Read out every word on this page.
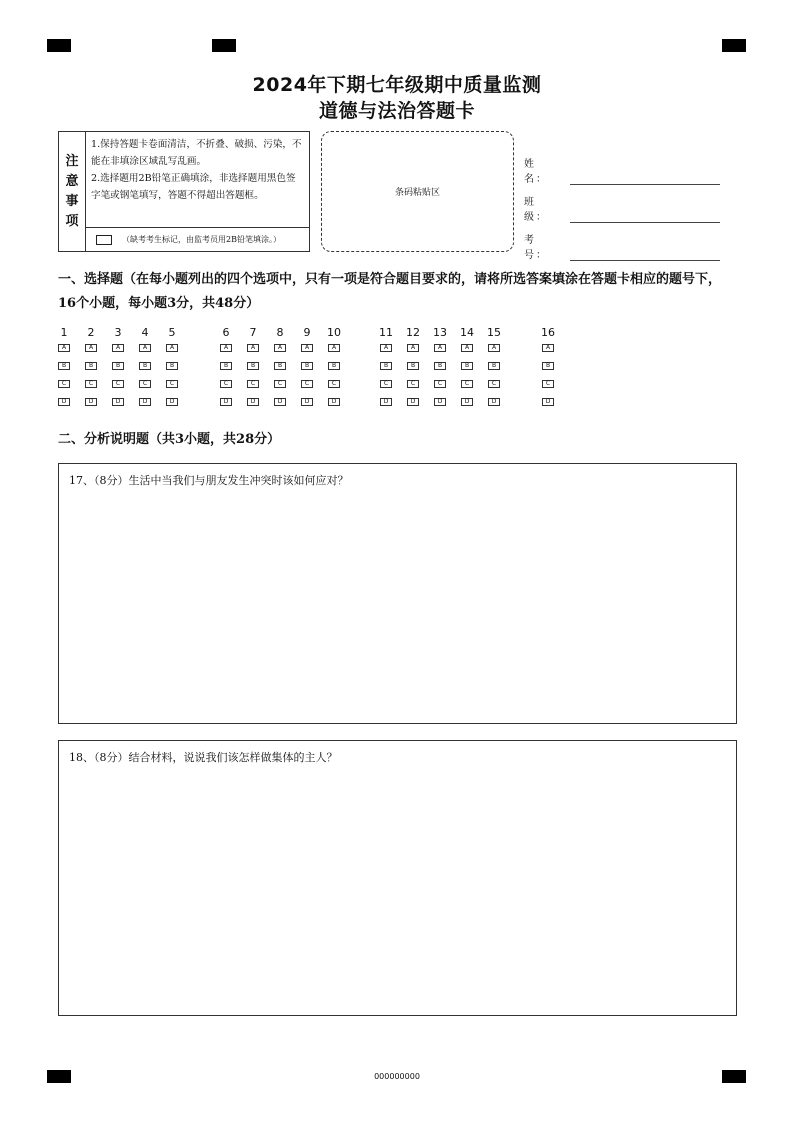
2024年下期七年级期中质量监测
道德与法治答题卡
注意事项

1.保持答题卡卷面清洁，不折叠、破损、污染，不能在非填涂区域乱写乱画。

2.选择题用2B铅笔正确填涂，非选择题用黑色签字笔或钢笔填写，答题不得超出答题框。

（缺考考生标记，由监考员用2B铅笔填涂。）
条码粘贴区
姓　名：
班　级：
考　号：
一、选择题（在每小题列出的四个选项中，只有一项是符合题目要求的，请将所选答案填涂在答题卡相应的题号下，16个小题，每小题3分，共48分）
1
A
B
C
D
2
A
B
C
D
3
A
B
C
D
4
A
B
C
D
5
A
B
C
D
6
A
B
C
D
7
A
B
C
D
8
A
B
C
D
9
A
B
C
D
10
A
B
C
D
11
A
B
C
D
12
A
B
C
D
13
A
B
C
D
14
A
B
C
D
15
A
B
C
D
16
A
B
C
D
二、分析说明题（共3小题，共28分）
17、（8分）生活中当我们与朋友发生冲突时该如何应对？
18、（8分）结合材料，说说我们该怎样做集体的主人？
000000000
